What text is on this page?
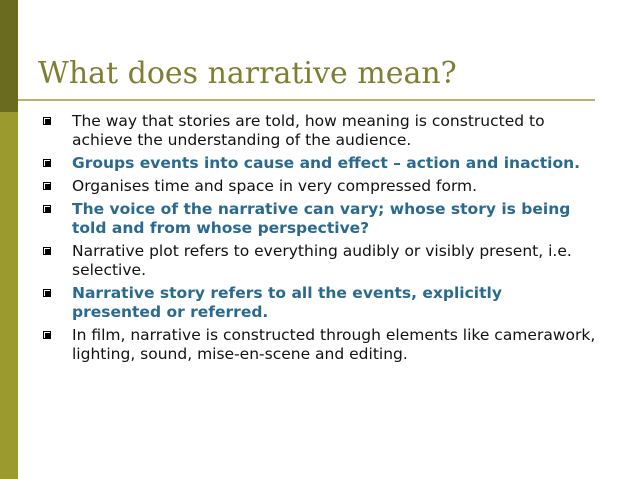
What does narrative mean?
The way that stories are told, how meaning is constructed to achieve the understanding of the audience.
Groups events into cause and effect – action and inaction.
Organises time and space in very compressed form.
The voice of the narrative can vary; whose story is being told and from whose perspective?
Narrative plot refers to everything audibly or visibly present, i.e. selective.
Narrative story refers to all the events, explicitly presented or referred.
In film, narrative is constructed through elements like camerawork, lighting, sound, mise-en-scene and editing.
